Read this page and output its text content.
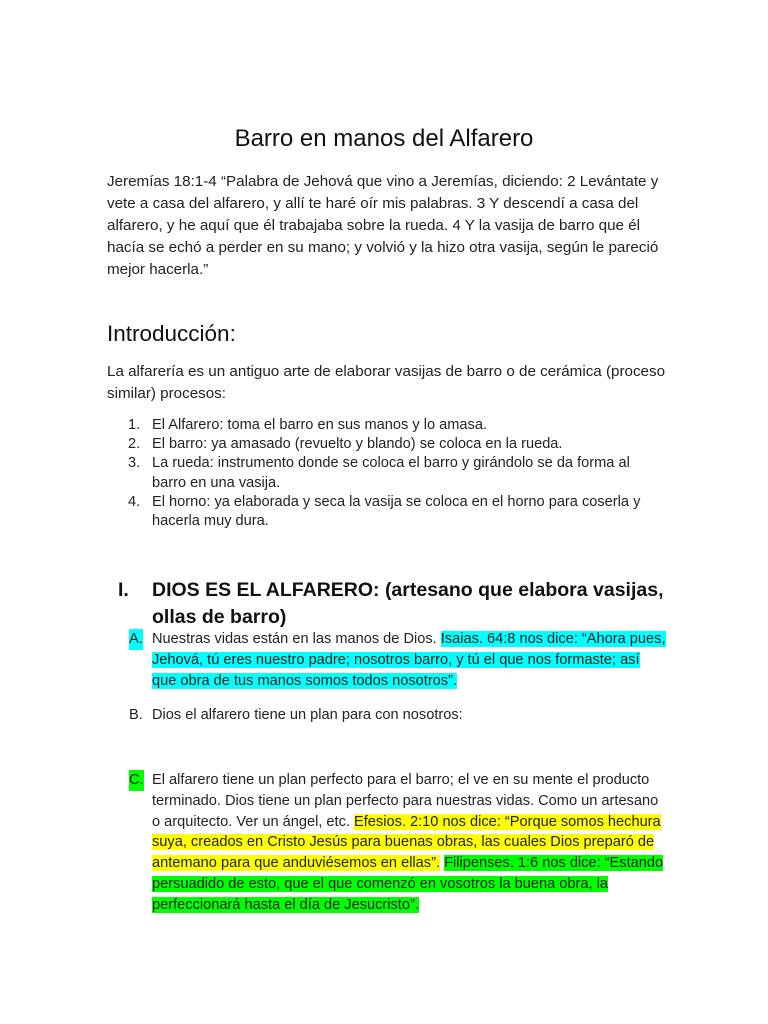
Barro en manos del Alfarero
Jeremías 18:1-4 “Palabra de Jehová que vino a Jeremías, diciendo: 2 Levántate y vete a casa del alfarero, y allí te haré oír mis palabras. 3 Y descendí a casa del alfarero, y he aquí que él trabajaba sobre la rueda. 4 Y la vasija de barro que él hacía se echó a perder en su mano; y volvió y la hizo otra vasija, según le pareció mejor hacerla.”
Introducción:
La alfarería es un antiguo arte de elaborar vasijas de barro o de cerámica (proceso similar) procesos:
1. El Alfarero: toma el barro en sus manos y lo amasa.
2. El barro: ya amasado (revuelto y blando) se coloca en la rueda.
3. La rueda: instrumento donde se coloca el barro y girándolo se da forma al barro en una vasija.
4. El horno: ya elaborada y seca la vasija se coloca en el horno para coserla y hacerla muy dura.
I.	DIOS ES EL ALFARERO: (artesano que elabora vasijas, ollas de barro)
A. Nuestras vidas están en las manos de Dios. Isaias. 64:8 nos dice: “Ahora pues, Jehová, tú eres nuestro padre; nosotros barro, y tú el que nos formaste; así que obra de tus manos somos todos nosotros”.
B. Dios el alfarero tiene un plan para con nosotros:
C. El alfarero tiene un plan perfecto para el barro; el ve en su mente el producto terminado. Dios tiene un plan perfecto para nuestras vidas. Como un artesano o arquitecto. Ver un ángel, etc. Efesios. 2:10 nos dice: “Porque somos hechura suya, creados en Cristo Jesús para buenas obras, las cuales Dios preparó de antemano para que anduviésemos en ellas”. Filipenses. 1:6 nos dice: “Estando persuadido de esto, que el que comenzó en vosotros la buena obra, la perfeccionará hasta el día de Jesucristo”.
